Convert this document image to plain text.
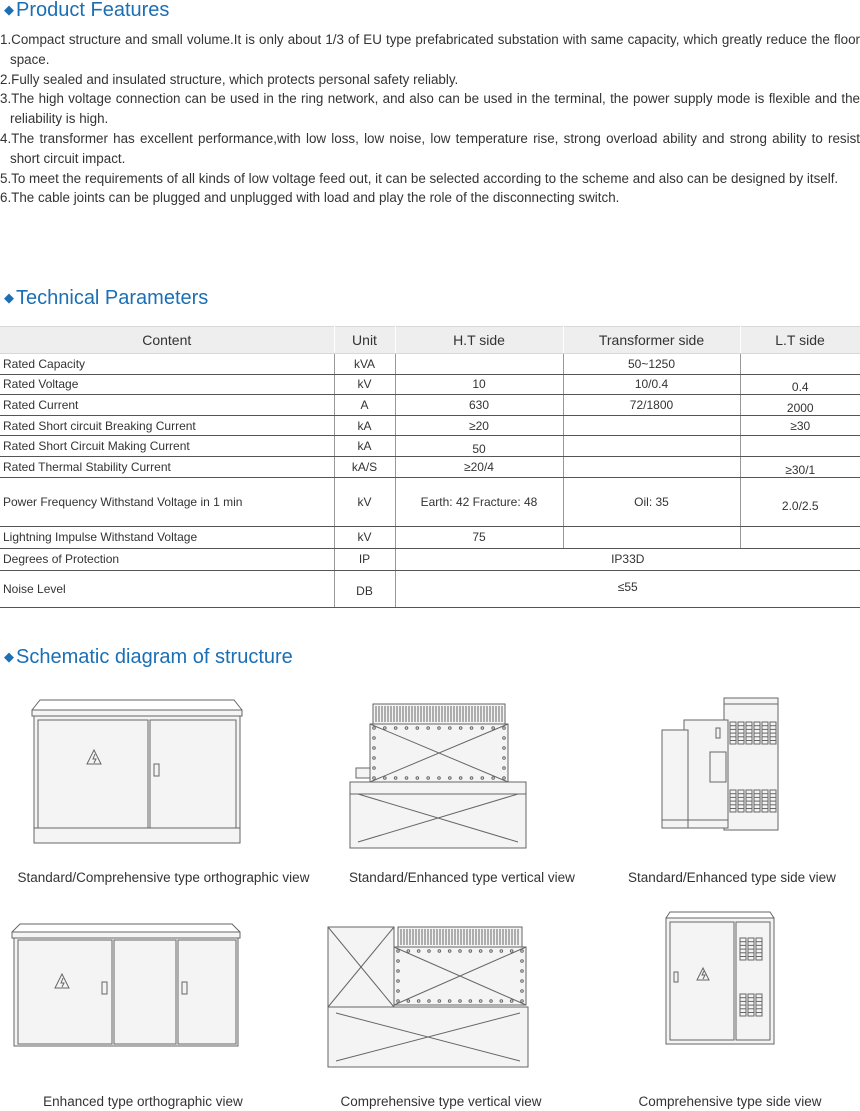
◆ Product Features
1.Compact structure and small volume.It is only about 1/3 of EU type prefabricated substation with same capacity, which greatly reduce the floor space.
2.Fully sealed and insulated structure, which protects personal safety reliably.
3.The high voltage connection can be used in the ring network, and also can be used in the terminal, the power supply mode is flexible and the reliability is high.
4.The transformer has excellent performance,with low loss, low noise, low temperature rise, strong overload ability and strong ability to resist short circuit impact.
5.To meet the requirements of all kinds of low voltage feed out, it can be selected according to the scheme and also can be designed by itself.
6.The cable joints can be plugged and unplugged with load and play the role of the disconnecting switch.
◆ Technical Parameters
Content	Unit	H.T side	Transformer side	L.T side
Rated Capacity	kVA		50~1250	
Rated Voltage	kV	10	10/0.4	0.4
Rated Current	A	630	72/1800	2000
Rated Short circuit Breaking Current	kA	≥20		≥30
Rated Short Circuit Making Current	kA	50		
Rated Thermal Stability Current	kA/S	≥20/4		≥30/1
Power Frequency Withstand Voltage in 1 min	kV	Earth: 42 Fracture: 48	Oil: 35	2.0/2.5
Lightning Impulse Withstand Voltage	kV	75		
Degrees of Protection	IP	IP33D		
Noise Level	DB	≤55		
◆ Schematic diagram of structure
Standard/Comprehensive type orthographic view	Standard/Enhanced type vertical view	Standard/Enhanced type side view
Enhanced type orthographic view	Comprehensive type vertical view	Comprehensive type side view
